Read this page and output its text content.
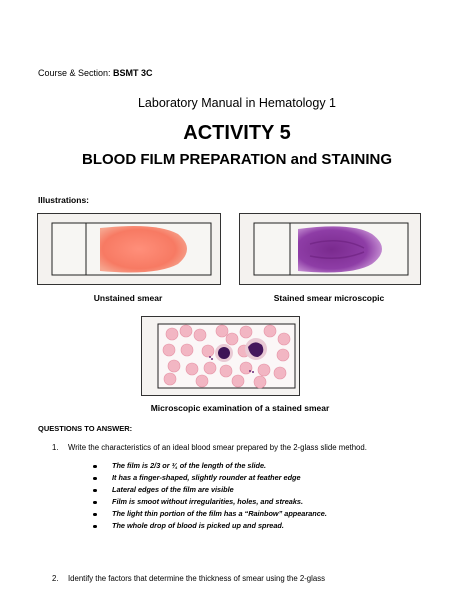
Course & Section: BSMT 3C
Laboratory Manual in Hematology 1
ACTIVITY 5
BLOOD FILM PREPARATION and STAINING
Illustrations:
Unstained smear	Stained smear microscopic
Microscopic examination of a stained smear
QUESTIONS TO ANSWER:
1. Write the characteristics of an ideal blood smear prepared by the 2-glass slide method.
The film is 2/3 or ¾ of the length of the slide.
It has a finger-shaped, slightly rounder at feather edge
Lateral edges of the film are visible
Film is smoot without irregularities, holes, and streaks.
The light thin portion of the film has a “Rainbow” appearance.
The whole drop of blood is picked up and spread.
2. Identify the factors that determine the thickness of smear using the 2-glass
